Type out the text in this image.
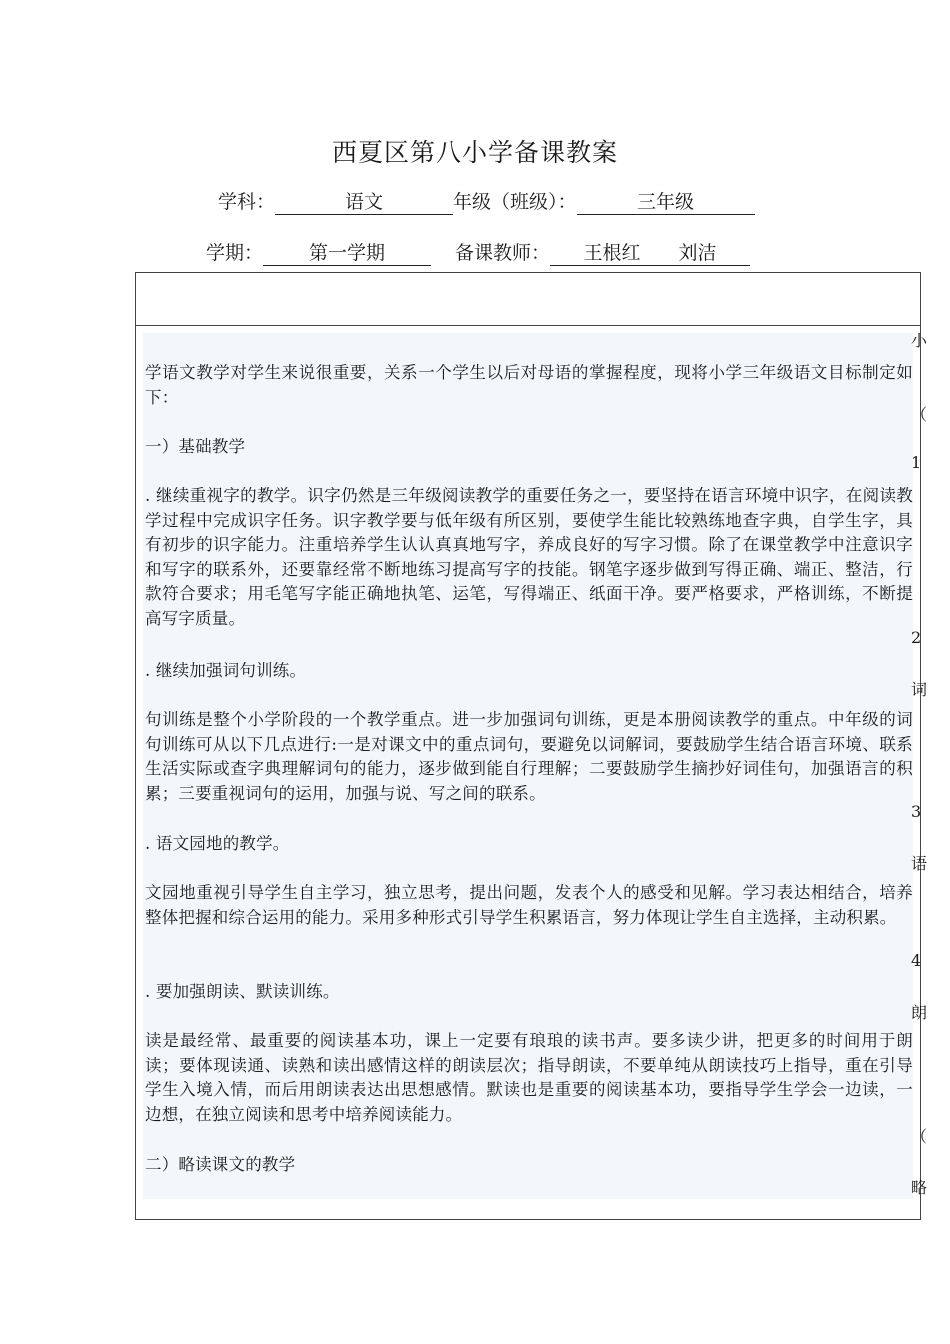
西夏区第八小学备课教案
学科：	语文	年级（班级）：	三年级
学期： 第一学期	备课教师： 王根红　　刘洁

学语文教学对学生来说很重要，关系一个学生以后对母语的掌握程度，现将小学三年级语文目标制定如下：

一）基础教学

. 继续重视字的教学。识字仍然是三年级阅读教学的重要任务之一，要坚持在语言环境中识字，在阅读教学过程中完成识字任务。识字教学要与低年级有所区别，要使学生能比较熟练地查字典，自学生字，具有初步的识字能力。注重培养学生认认真真地写字，养成良好的写字习惯。除了在课堂教学中注意识字和写字的联系外，还要靠经常不断地练习提高写字的技能。钢笔字逐步做到写得正确、端正、整洁，行款符合要求；用毛笔写字能正确地执笔、运笔，写得端正、纸面干净。要严格要求，严格训练，不断提高写字质量。

. 继续加强词句训练。

句训练是整个小学阶段的一个教学重点。进一步加强词句训练，更是本册阅读教学的重点。中年级的词句训练可从以下几点进行:一是对课文中的重点词句，要避免以词解词，要鼓励学生结合语言环境、联系生活实际或查字典理解词句的能力，逐步做到能自行理解；二要鼓励学生摘抄好词佳句，加强语言的积累；三要重视词句的运用，加强与说、写之间的联系。

. 语文园地的教学。

文园地重视引导学生自主学习，独立思考，提出问题，发表个人的感受和见解。学习表达相结合，培养整体把握和综合运用的能力。采用多种形式引导学生积累语言，努力体现让学生自主选择，主动积累。

. 要加强朗读、默读训练。

读是最经常、最重要的阅读基本功，课上一定要有琅琅的读书声。要多读少讲，把更多的时间用于朗读；要体现读通、读熟和读出感情这样的朗读层次；指导朗读，不要单纯从朗读技巧上指导，重在引导学生入境入情，而后用朗读表达出思想感情。默读也是重要的阅读基本功，要指导学生学会一边读，一边想，在独立阅读和思考中培养阅读能力。

二）略读课文的教学

小
（
1
2
词
3
语
4
朗
（
略
